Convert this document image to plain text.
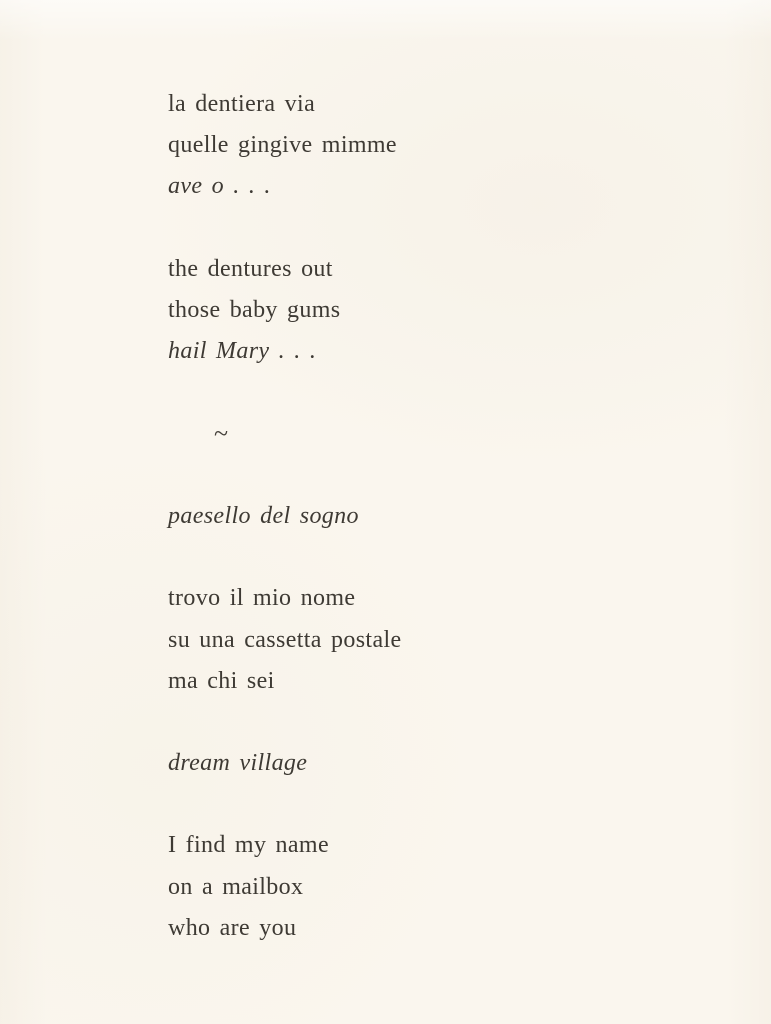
la dentiera via
quelle gingive mimme
ave o . . .
the dentures out
those baby gums
hail Mary . . .
~
paesello del sogno
trovo il mio nome
su una cassetta postale
ma chi sei
dream village
I find my name
on a mailbox
who are you
